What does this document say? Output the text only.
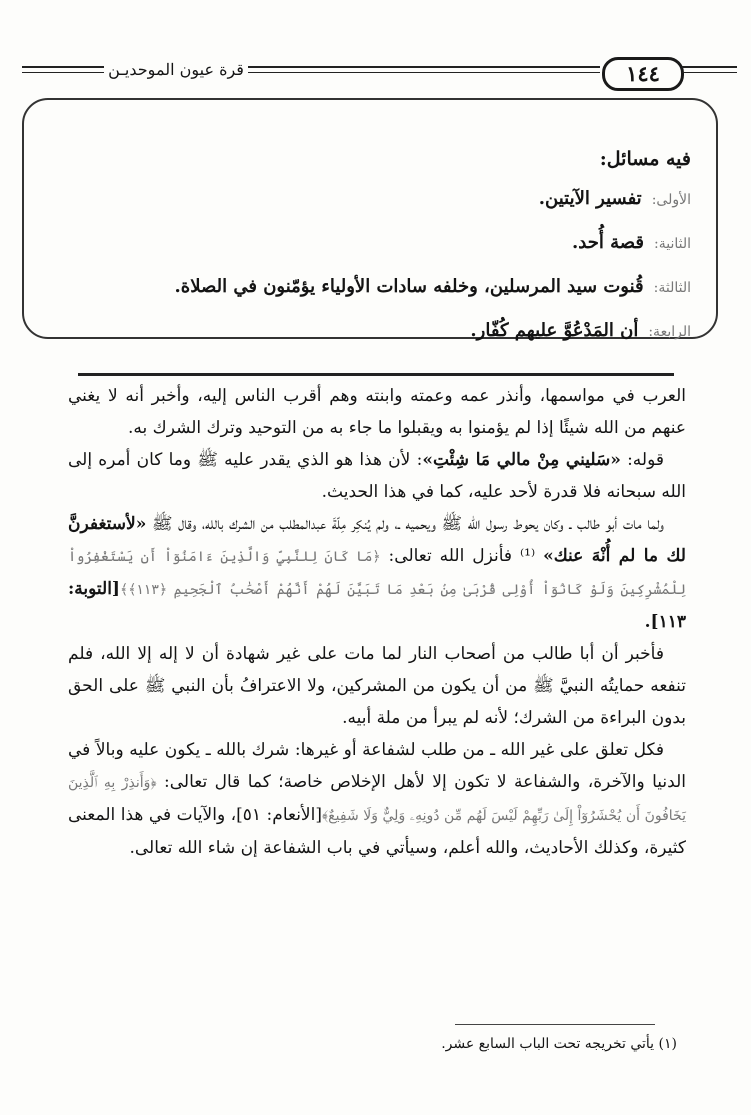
قرة عيون الموحديـن	١٤٤
فيه مسائل:
الأولى:تفسير الآيتين.
الثانية:قصة أُحد.
الثالثة:قُنوت سيد المرسلين، وخلفه سادات الأولياء يؤمّنون في الصلاة.
الرابعة:أن المَدْعُوَّ عليهم كُفّار.

العرب في مواسمها، وأنذر عمه وعمته وابنته وهم أقرب الناس إليه، وأخبر أنه لا يغني عنهم من الله شيئًا إذا لم يؤمنوا به ويقبلوا ما جاء به من التوحيد وترك الشرك به.

قوله: «سَليني مِنْ مالي مَا شِئْتِ»: لأن هذا هو الذي يقدر عليه ﷺ وما كان أمره إلى الله سبحانه فلا قدرة لأحد عليه، كما في هذا الحديث.

ولما مات أبو طالب ـ وكان يحوط رسول الله ﷺ ويحميه ـ، ولم يُنكِر مِلّةَ عبدالمطلب من الشرك بالله، وقال ﷺ «لأستغفرنَّ لك ما لم أُنْهَ عنك» ⁽¹⁾ فأنزل الله تعالى: ﴿مَا كَانَ لِلنَّبِيِّ وَالَّذِينَ ءَامَنُوٓاْ أَن يَسْتَغْفِرُواْ لِلْمُشْرِكِينَ وَلَوْ كَانُوٓاْ أُوْلِى قُرْبَىٰ مِنۢ بَعْدِ مَا تَبَيَّنَ لَهُمْ أَنَّهُمْ أَصْحَٰبُ ٱلْجَحِيمِ ﴿١١٣﴾﴾[التوبة: ١١٣].

فأخبر أن أبا طالب من أصحاب النار لما مات على غير شهادة أن لا إله إلا الله، فلم تنفعه حمايتُه النبيَّ ﷺ من أن يكون من المشركين، ولا الاعترافُ بأن النبي ﷺ على الحق بدون البراءة من الشرك؛ لأنه لم يبرأ من ملة أبيه.

فكل تعلق على غير الله ـ من طلب لشفاعة أو غيرها: شرك بالله ـ يكون عليه وبالاً في الدنيا والآخرة، والشفاعة لا تكون إلا لأهل الإخلاص خاصة؛ كما قال تعالى: ﴿وَأَنذِرْ بِهِ ٱلَّذِينَ يَخَافُونَ أَن يُحْشَرُوٓاْ إِلَىٰ رَبِّهِمْ لَيْسَ لَهُم مِّن دُونِهِۦ وَلِيٌّ وَلَا شَفِيعٌ﴾[الأنعام: ٥١]، والآيات في هذا المعنى كثيرة، وكذلك الأحاديث، والله أعلم، وسيأتي في باب الشفاعة إن شاء الله تعالى.

(١) يأتي تخريجه تحت الباب السابع عشر.
